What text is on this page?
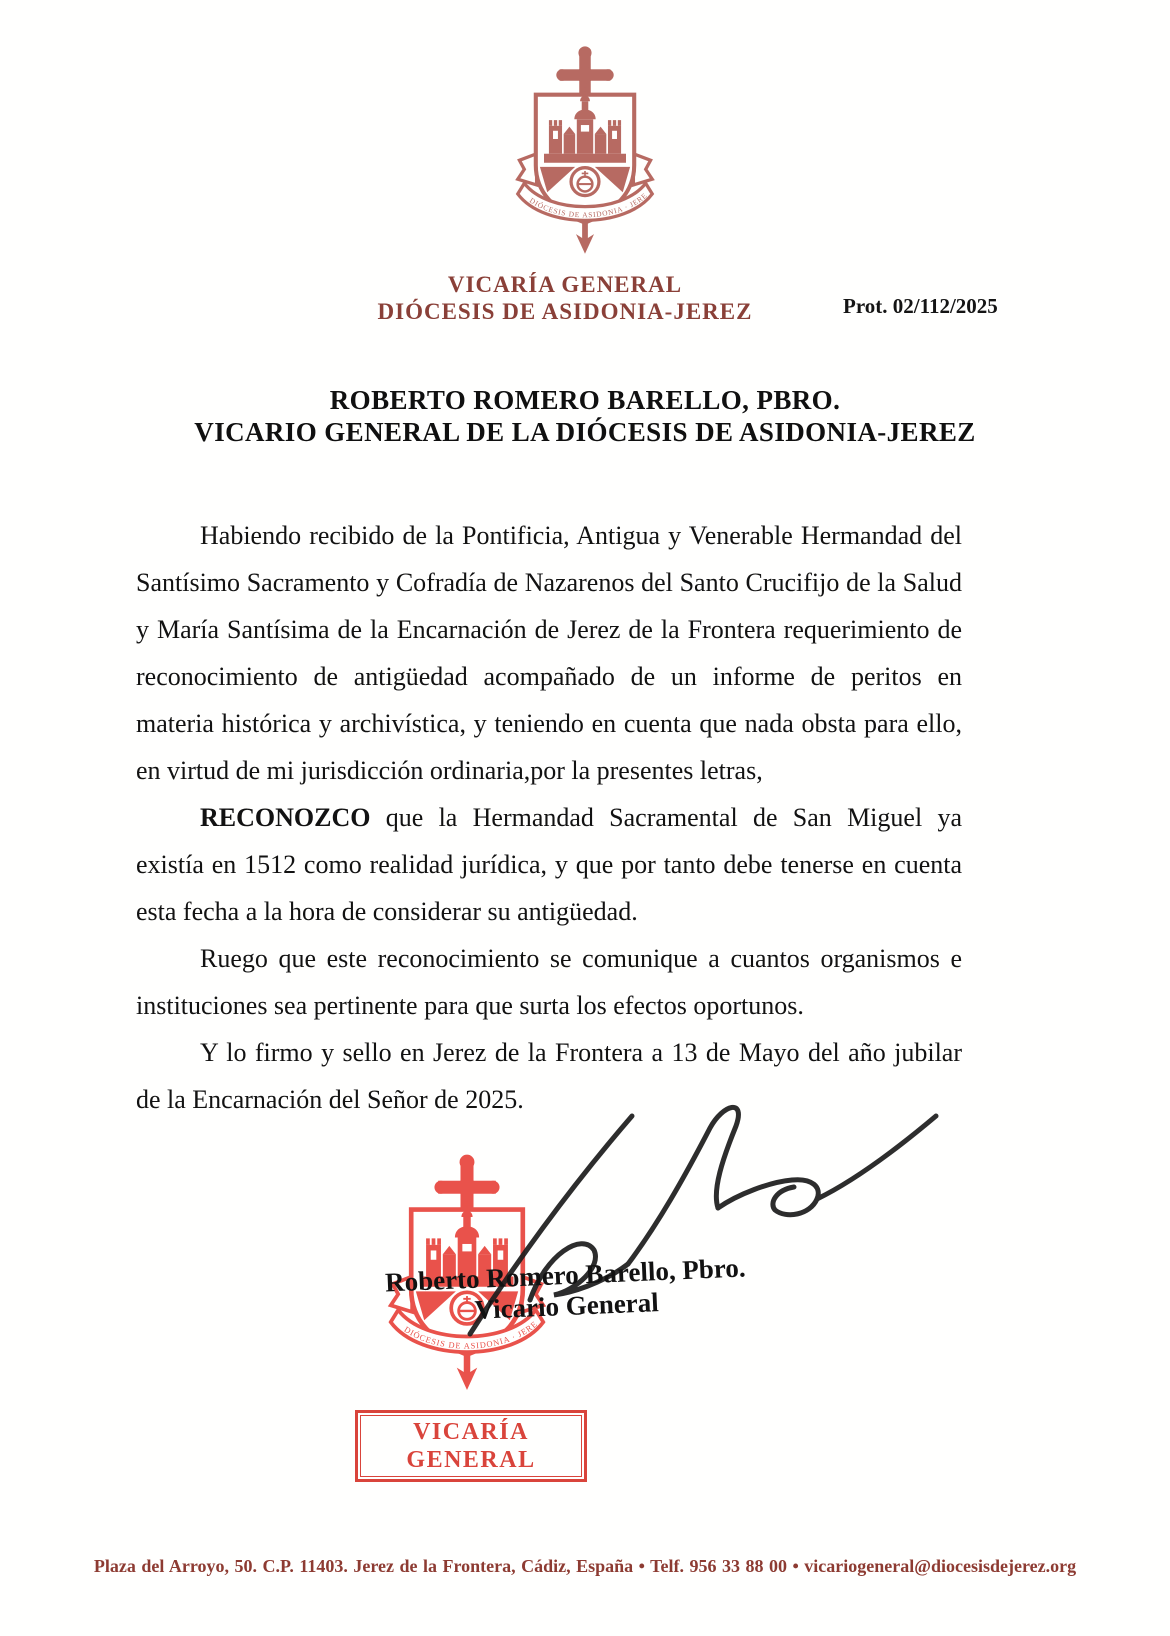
VICARÍA GENERAL
DIÓCESIS DE ASIDONIA-JEREZ	Prot. 02/112/2025
ROBERTO ROMERO BARELLO, PBRO.
VICARIO GENERAL DE LA DIÓCESIS DE ASIDONIA-JEREZ

Habiendo recibido de la Pontificia, Antigua y Venerable Hermandad del Santísimo Sacramento y Cofradía de Nazarenos del Santo Crucifijo de la Salud y María Santísima de la Encarnación de Jerez de la Frontera requerimiento de reconocimiento de antigüedad acompañado de un informe de peritos en materia histórica y archivística, y teniendo en cuenta que nada obsta para ello, en virtud de mi jurisdicción ordinaria,por la presentes letras,

RECONOZCO que la Hermandad Sacramental de San Miguel ya existía en 1512 como realidad jurídica, y que por tanto debe tenerse en cuenta esta fecha a la hora de considerar su antigüedad.

Ruego que este reconocimiento se comunique a cuantos organismos e instituciones sea pertinente para que surta los efectos oportunos.

Y lo firmo y sello en Jerez de la Frontera a 13 de Mayo del año jubilar de la Encarnación del Señor de 2025.

Roberto Romero Barello, Pbro.
Vicario General
VICARÍA
GENERAL
Plaza del Arroyo, 50. C.P. 11403. Jerez de la Frontera, Cádiz, España • Telf. 956 33 88 00 • vicariogeneral@diocesisdejerez.org
